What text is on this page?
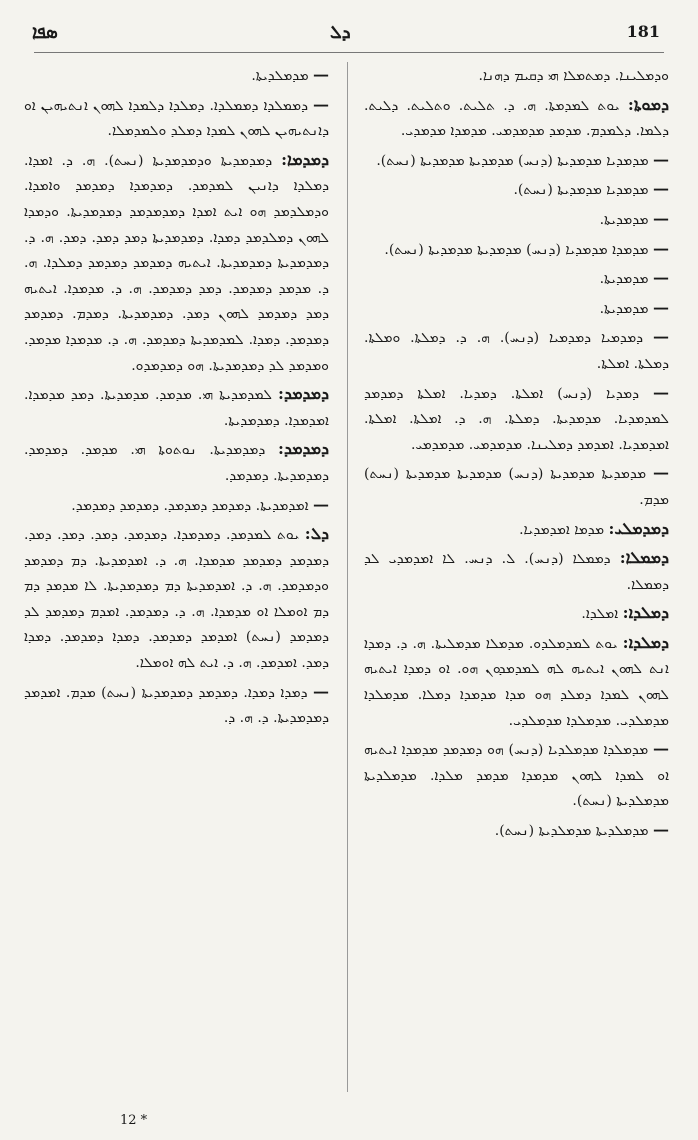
ܣܦܐ	ܕܠ	181

ܘܕܡܠܝܢܐ. ܕܡܬܡܠܐ ܗܝ ܕܩܝܡ ܕܗܢܐ.

ܕܡܘܬܐ: ܝܘܬ ܠܡܕܡܬܐ. ܗ. ܕ. ܬܠܝܬ. ܘܬܠܝܬ. ܕܠܝܬ. ܕܠܡܐ. ܕܠܡܕܡ. ܡܕܡܕ ܡܕܡܕܡܝ. ܡܕܡܕܐ ܡܕܡܕܝ.

— ܡܕܡܕܝܐ ܡܕܡܕܝܬܐ (ܕܢܚ) ܡܕܡܕܝܬܐ ܡܕܡܕܝܬܐ (ܢܚܬ).

— ܡܕܡܕܝܐ ܡܕܡܕܝܬܐ (ܢܚܬ).

— ܡܕܡܕܝܬܐ.

— ܡܕܡܕܐ ܡܕܡܕܝܐ (ܕܢܚ) ܡܕܡܕܝܬܐ ܡܕܡܕܝܬܐ (ܢܚܬ).

— ܡܕܡܕܝܬܐ.

— ܡܕܡܕܝܬܐ.

— ܕܡܕܡܝܐ ܕܡܕܡܝܐ (ܕܢܚ). ܗ. ܕ. ܕܡܠܬܐ. ܘܡܠܬܐ. ܕܡܠܬܐ. ܐܡܠܬܐ.

— ܕܡܕܝܐ (ܕܢܚ) ܐܡܠܬܐ. ܕܡܕܝܐ. ܐܡܠܬܐ ܕܡܕܡܕ ܠܡܕܡܕܝܐ. ܡܕܡܕܝܬܐ. ܕܡܠܬܐ. ܗ. ܕ. ܐܡܠܬܐ. ܐܡܠܬܐ. ܐܡܕܡܕܝܐ. ܐܡܕܡܕ ܕܡܠܝܢܐ. ܡܕܡܕܡܝ. ܡܕܡܕܡܝ.

— ܡܕܡܕܝܬܐ ܡܕܡܕܝܬܐ (ܕܢܚ) ܡܕܡܕܝܬܐ ܡܕܡܕܝܬܐ (ܢܚܬ) ܡܕܡ.

ܕܡܕܡܠܝ: ܡܕܡܐ ܐܡܕܡܕܝܐ.

ܕܡܡܠܐ: ܕܡܡܠܐ (ܕܢܚ). ܠ. ܕܢܚ. ܠܐ ܐܡܕܡܕܝ ܠܕ ܕܡܡܠܐ.

ܕܡܠܕܐ: ܐܡܠܕܐ.

ܕܡܠܕܐ: ܝܘܬ ܠܡܕܡܠܕܘ. ܡܕܡܠܐ ܡܕܡܠܝܬܐ. ܗ. ܕ. ܕܡܕܐ ܐܢܬ ܠܗܘܢ ܐܝܬܝܗ ܠܗ ܠܡܕܡܕܘܢ ܗܘ. ܐܘ ܕܡܕܐ ܐܝܬܝܗ ܠܗܘܢ ܠܡܕܐ ܕܡܠܕ ܗܘ ܡܕܐ ܡܕܡܕܐ ܕܡܠܐ. ܡܕܡܠܕܐ ܡܕܡܠܕܝ. ܡܕܡܠܕܐ ܡܕܡܠܕܝ.

— ܡܕܡܠܕܐ ܡܕܡܠܕܝܐ (ܕܢܚ) ܗܘ ܕܡܕܡܕ ܡܕܡܕܐ ܐܝܬܝܗ ܐܘ ܠܡܕܐ ܠܗܘܢ ܡܕܡܕܐ ܡܕܡܕ ܡܠܕܐ. ܡܕܡܠܕܝܬܐ ܡܕܡܠܕܝܬܐ (ܢܚܬ).

— ܡܕܡܠܕܝܬܐ ܡܕܡܠܕܝܬܐ (ܢܚܬ).

— ܡܕܡܠܕܝܬܐ.

— ܕܡܡܠܕܐ ܕܡܡܠܕܐ. ܕܡܠܕܐ ܕܠܡܕܐ ܠܗܘܢ ܐܢܬܝܗܝܢ ܐܘ ܕܐܢܬܝܗܝܢ ܠܗܘܢ ܠܡܕܐ ܕܡܠܕ ܘܠܡܕܡܠܐ.

ܕܡܕܡܐ: ܕܡܕܡܕܝܬܐ ܘܕܡܕܡܕܝܬܐ (ܢܚܬ). ܗ. ܕ. ܐܡܕܐ. ܕܡܠܕܐ ܕܐܢܝܢ ܠܡܕܡܕ. ܕܡܕܡܕܐ ܕܡܕܡܕ ܘܐܡܕܐ. ܘܕܡܠܕܡܕ ܗܘ ܐܝܬ ܐܡܕܐ ܕܡܕܡܕܡܕ ܕܡܕܡܕܝܬܐ. ܘܕܡܕܐ ܠܗܘܢ ܕܡܠܕܡܕ ܕܡܕܐ. ܕܡܕܡܕܝܬܐ ܕܡܕ ܕܡܕ. ܕܡܕ. ܗ. ܕ. ܕܡܕܡܕܝܬܐ ܕܡܕܡܕܝܬܐ. ܐܝܬܝܗ ܕܡܕܡܕ ܕܡܕܡܕ ܕܡܠܕܐ. ܗ. ܕ. ܡܕܡܕ ܕܡܕܡܕ. ܕܡܕ ܕܡܕܡܕ. ܗ. ܕ. ܡܕܡܕܐ. ܐܝܬܝܗ ܕܡܕ ܕܡܕܡܕ ܠܗܘܢ ܕܡܕ. ܕܡܕܡܕܝܬܐ. ܕܡܕܡ. ܕܡܕܡܕ ܕܡܕܡܕ. ܕܡܕܐ. ܠܡܕܡܕܝܬܐ ܕܡܕܡܕ. ܗ. ܕ. ܡܕܡܕܐ ܡܕܡܕ. ܘܡܕܡܕ ܠܕ ܕܡܕܡܕܝܬܐ. ܗܘ ܕܡܕܡܕܘ.

ܕܡܕܡܕ: ܠܡܕܡܕܝܬܐ ܗܝ. ܡܕܡܕ. ܡܕܡܕܝܬܐ. ܕܡܕ ܡܕܡܕܐ. ܐܡܕܡܕܐ. ܕܡܕܡܕܝܬܐ.

ܕܡܕܡܕ: ܕܡܕܡܕܝܬܐ. ܢܘܬܘܬܐ ܗܝ. ܡܕܡܕ. ܕܡܕܡܕ. ܕܡܕܡܕܝܬܐ. ܕܡܕܡܕ.

— ܐܡܕܡܕܝܬܐ. ܕܡܕܡܕ ܕܡܕܡܕ. ܕܡܕܡܕ ܕܡܕܡܕ.

ܕܠ: ܝܘܬ ܠܡܕܡܕ. ܕܡܕܡܕܐ. ܕܡܕܡܕ. ܕܡܕ. ܕܡܕ. ܕܡܕ. ܕܡܕܡܕ ܕܡܕܡܕ ܡܕܡܕܐ. ܗ. ܕ. ܐܡܕܡܕܝܬܐ. ܕܡ ܕܡܕܡܕ ܘܕܡܕܡܕ. ܗ. ܕ. ܐܡܕܡܕܝܬܐ ܕܡ ܕܡܕܡܕܝܬܐ. ܠܐ ܡܕܡܕ ܕܡ ܕܡ ܐܘܡܠܐ ܐܘ ܡܕܡܕܐ. ܗ. ܕ. ܕܡܕܡܕ. ܐܡܕܡ ܕܡܕܡܕ ܠܕ ܕܡܕܡܕ (ܢܚܬ) ܐܡܕܡܕ ܕܡܕܡܕ. ܕܡܕܐ ܕܡܕܡܕ. ܕܡܕܐ ܕܡܕ. ܐܡܕܡܕ. ܗ. ܕ. ܐܝܬ ܠܗ ܐܘܡܠܐ.

— ܕܡܕܐ ܕܡܕܐ. ܕܡܕܡܕ ܕܡܕܡܕܝܬܐ (ܢܚܬ) ܡܕܡ. ܐܡܕܡܕ ܕܡܕܡܕܝܬܐ. ܕ. ܗ. ܕ.

12 *
